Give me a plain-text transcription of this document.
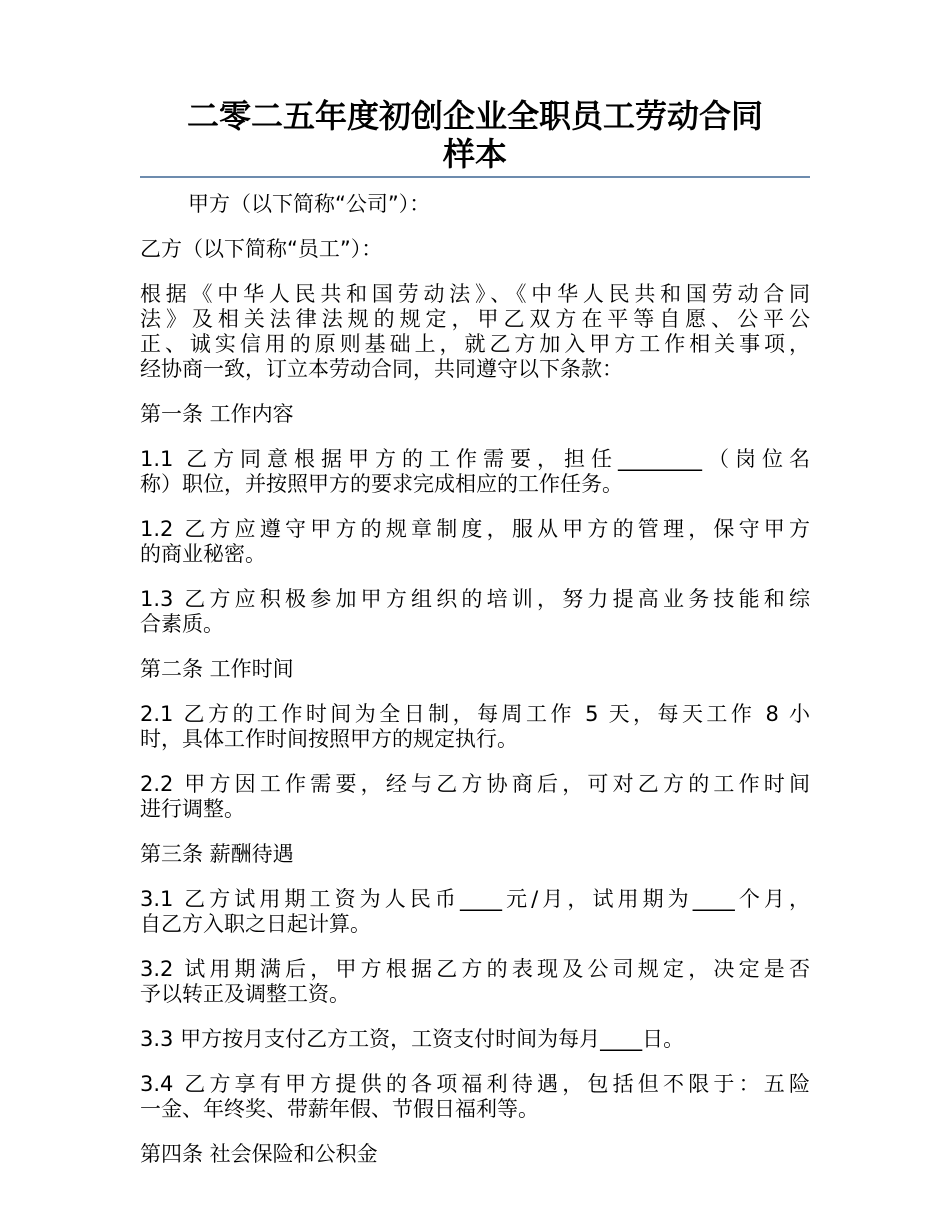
二零二五年度初创企业全职员工劳动合同
样本
甲方（以下简称“公司”）：
乙方（以下简称“员工”）：
根据《中华人民共和国劳动法》、《中华人民共和国劳动合同
法》及相关法律法规的规定，甲乙双方在平等自愿、公平公
正、诚实信用的原则基础上，就乙方加入甲方工作相关事项，
经协商一致，订立本劳动合同，共同遵守以下条款：
第一条 工作内容
1.1 乙方同意根据甲方的工作需要，担任________（岗位名
称）职位，并按照甲方的要求完成相应的工作任务。
1.2 乙方应遵守甲方的规章制度，服从甲方的管理，保守甲方
的商业秘密。
1.3 乙方应积极参加甲方组织的培训，努力提高业务技能和综
合素质。
第二条 工作时间
2.1 乙方的工作时间为全日制，每周工作 5 天，每天工作 8 小
时，具体工作时间按照甲方的规定执行。
2.2 甲方因工作需要，经与乙方协商后，可对乙方的工作时间
进行调整。
第三条 薪酬待遇
3.1 乙方试用期工资为人民币____元/月，试用期为____个月，
自乙方入职之日起计算。
3.2 试用期满后，甲方根据乙方的表现及公司规定，决定是否
予以转正及调整工资。
3.3 甲方按月支付乙方工资，工资支付时间为每月____日。
3.4 乙方享有甲方提供的各项福利待遇，包括但不限于：五险
一金、年终奖、带薪年假、节假日福利等。
第四条 社会保险和公积金
